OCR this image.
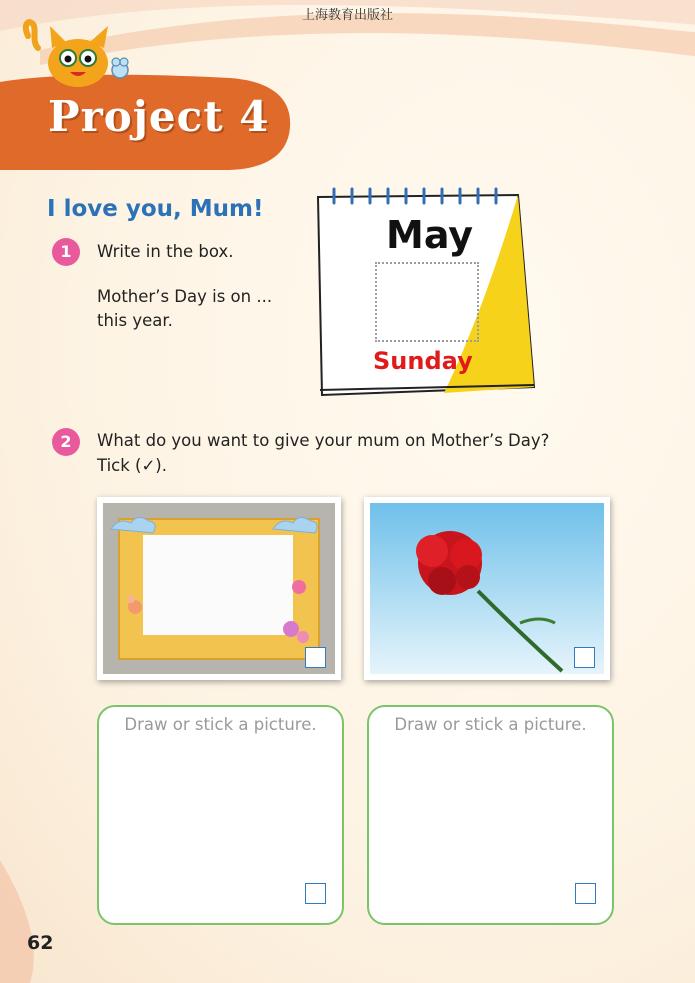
上海教育出版社
Project 4
I love you, Mum!
1	Write in the box.
Mother’s Day is on ...
this year.
May
Sunday
2	What do you want to give your mum on Mother’s Day?
Tick (✓).
Draw or stick a picture.	Draw or stick a picture.
62
